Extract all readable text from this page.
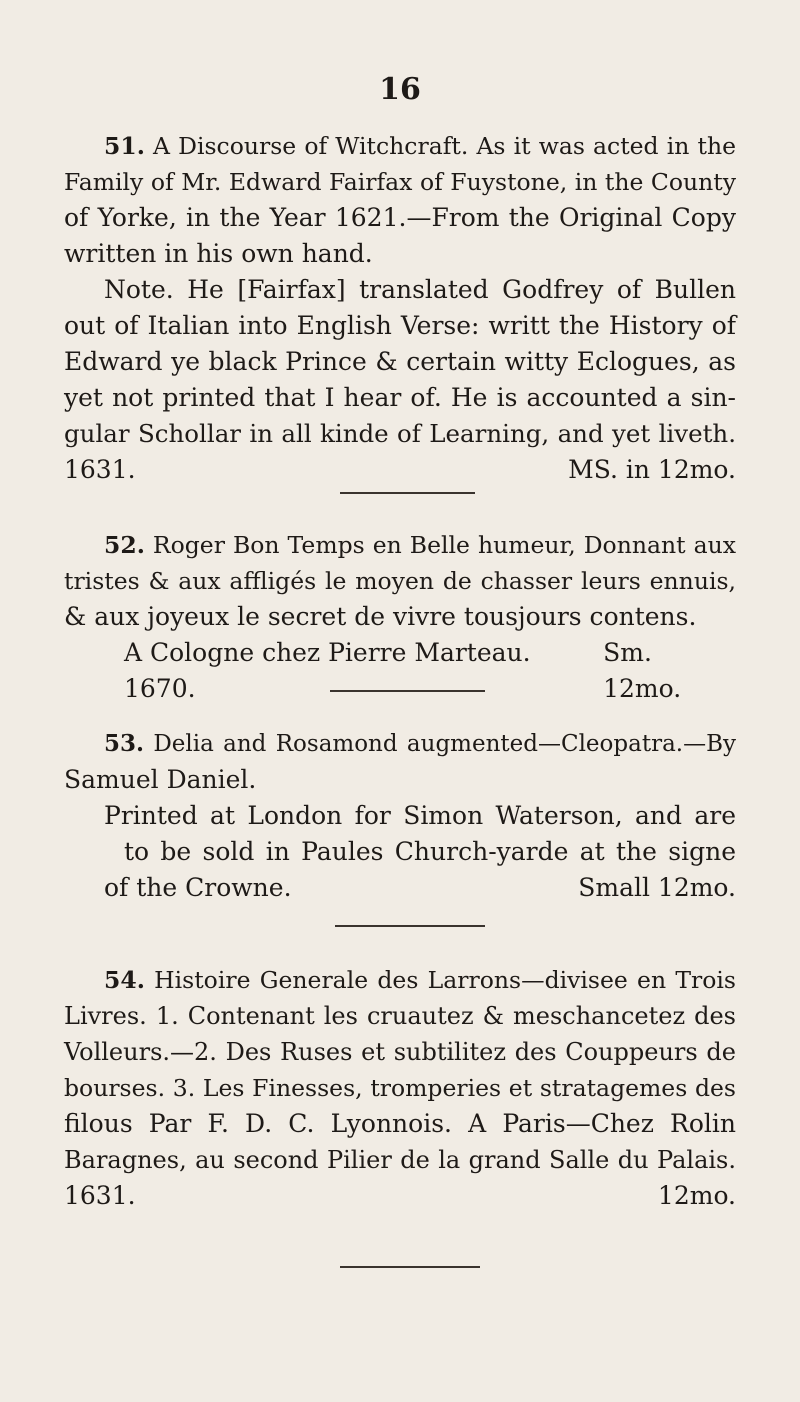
16
51. A Discourse of Witchcraft. As it was acted in the
Family of Mr. Edward Fairfax of Fuystone, in the County
of Yorke, in the Year 1621.—From the Original Copy
written in his own hand.
Note. He [Fairfax] translated Godfrey of Bullen
out of Italian into English Verse: writt the History of
Edward ye black Prince & certain witty Eclogues, as
yet not printed that I hear of. He is accounted a sin-
gular Schollar in all kinde of Learning, and yet liveth.
1631.	MS. in 12mo.
52. Roger Bon Temps en Belle humeur, Donnant aux
tristes & aux affligés le moyen de chasser leurs ennuis,
& aux joyeux le secret de vivre tousjours contens.
A Cologne chez Pierre Marteau. 1670.
Sm. 12mo.
53. Delia and Rosamond augmented—Cleopatra.—By
Samuel Daniel.
Printed at London for Simon Waterson, and are
to be sold in Paules Church-yarde at the signe
of the Crowne.	Small 12mo.
54. Histoire Generale des Larrons—divisee en Trois
Livres. 1. Contenant les cruautez & meschancetez des
Volleurs.—2. Des Ruses et subtilitez des Couppeurs de
bourses. 3. Les Finesses, tromperies et stratagemes des
filous Par F. D. C. Lyonnois. A Paris—Chez Rolin
Baragnes, au second Pilier de la grand Salle du Palais.
1631.	12mo.
